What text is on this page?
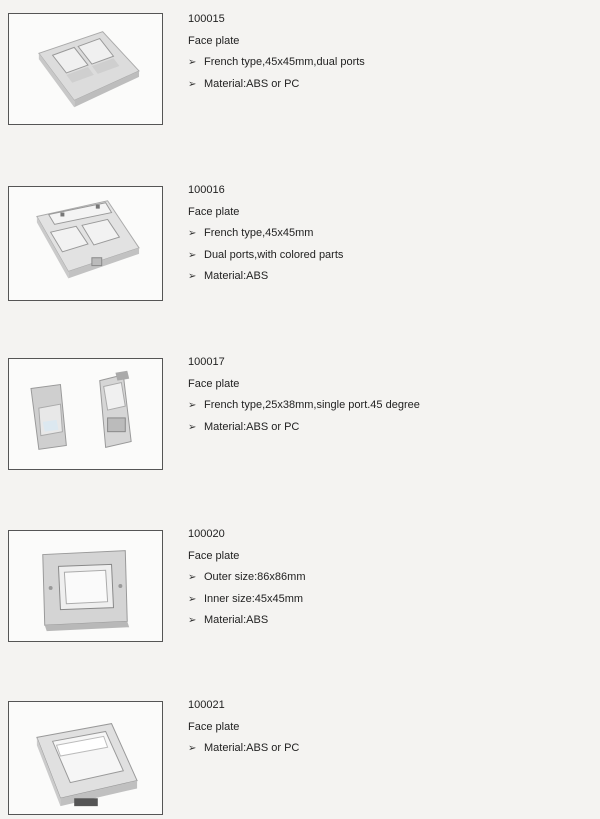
100015
Face plate
➢ French type,45x45mm,dual ports
➢ Material:ABS or PC
100016
Face plate
➢ French type,45x45mm
➢ Dual ports,with colored parts
➢ Material:ABS
100017
Face plate
➢ French type,25x38mm,single port.45 degree
➢ Material:ABS or PC
100020
Face plate
➢ Outer size:86x86mm
➢ Inner size:45x45mm
➢ Material:ABS
100021
Face plate
➢ Material:ABS or PC
